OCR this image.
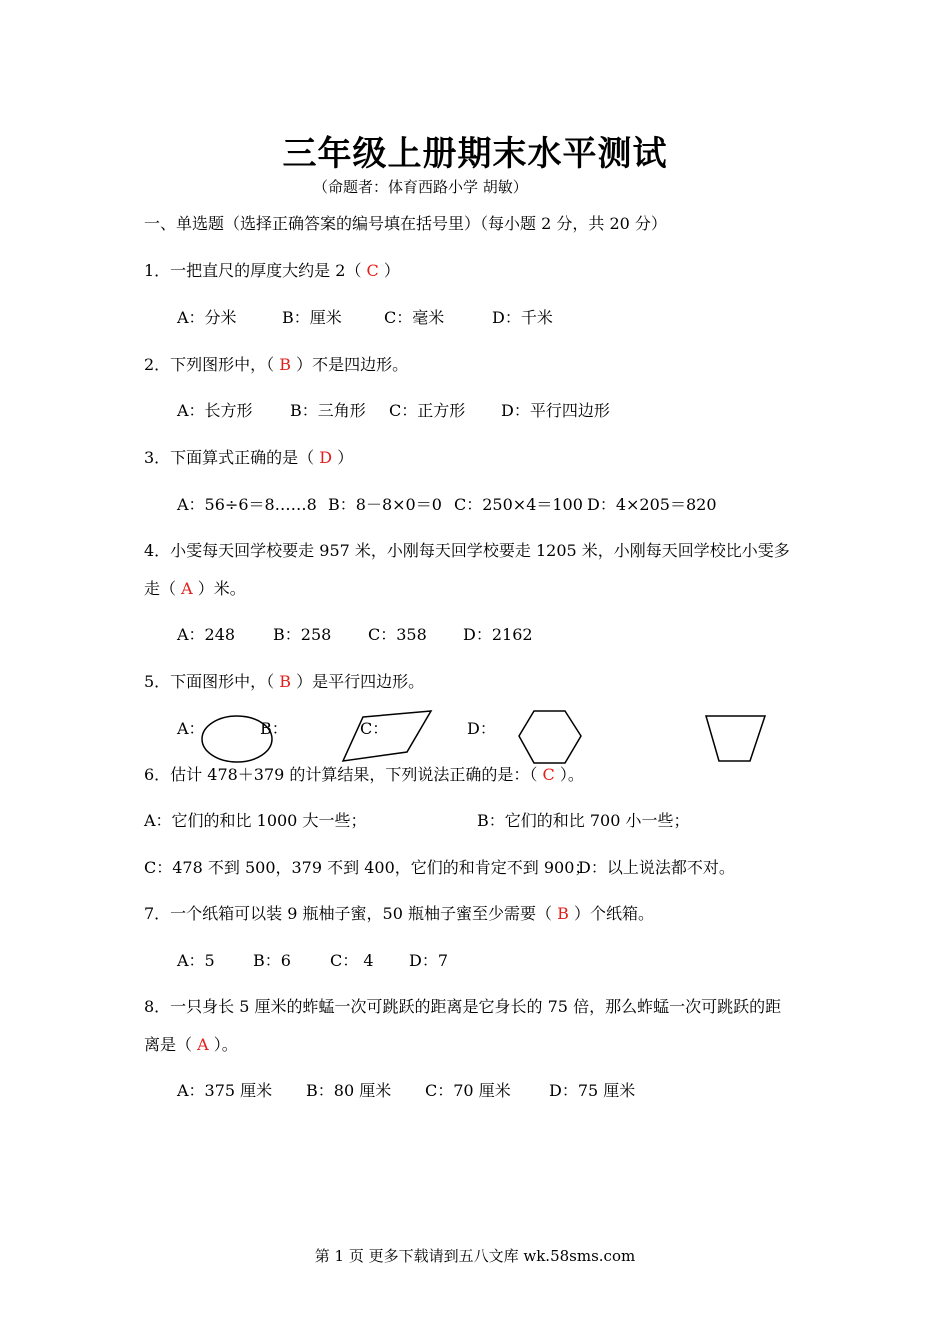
三年级上册期末水平测试
（命题者：体育西路小学 胡敏）
一、单选题（选择正确答案的编号填在括号里）（每小题 2 分，共 20 分）
1．一把直尺的厚度大约是 2（ C ）
A：分米	B：厘米	C：毫米	D：千米
2．下列图形中，（ B ）不是四边形。
A：长方形 B：三角形 C：正方形 D：平行四边形
3．下面算式正确的是（ D ）
A：56÷6＝8……8 B：8－8×0＝0 C：250×4＝100 D：4×205＝820
4．小雯每天回学校要走 957 米，小刚每天回学校要走 1205 米，小刚每天回学校比小雯多
走（ A ）米。
A：248 B：258 C：358 D：2162
5．下面图形中，（ B ）是平行四边形。
A：	B：	C：	D：
6．估计 478＋379 的计算结果，下列说法正确的是：（ C ）。
A：它们的和比 1000 大一些；	B：它们的和比 700 小一些；
C：478 不到 500，379 不到 400，它们的和肯定不到 900；
D：以上说法都不对。
7．一个纸箱可以装 9 瓶柚子蜜，50 瓶柚子蜜至少需要（ B ）个纸箱。
A：5 B：6 C： 4 D：7
8．一只身长 5 厘米的蚱蜢一次可跳跃的距离是它身长的 75 倍，那么蚱蜢一次可跳跃的距
离是（ A ）。
A：375 厘米 B：80 厘米 C：70 厘米 D：75 厘米
第 1 页 更多下载请到五八文库 wk.58sms.com
